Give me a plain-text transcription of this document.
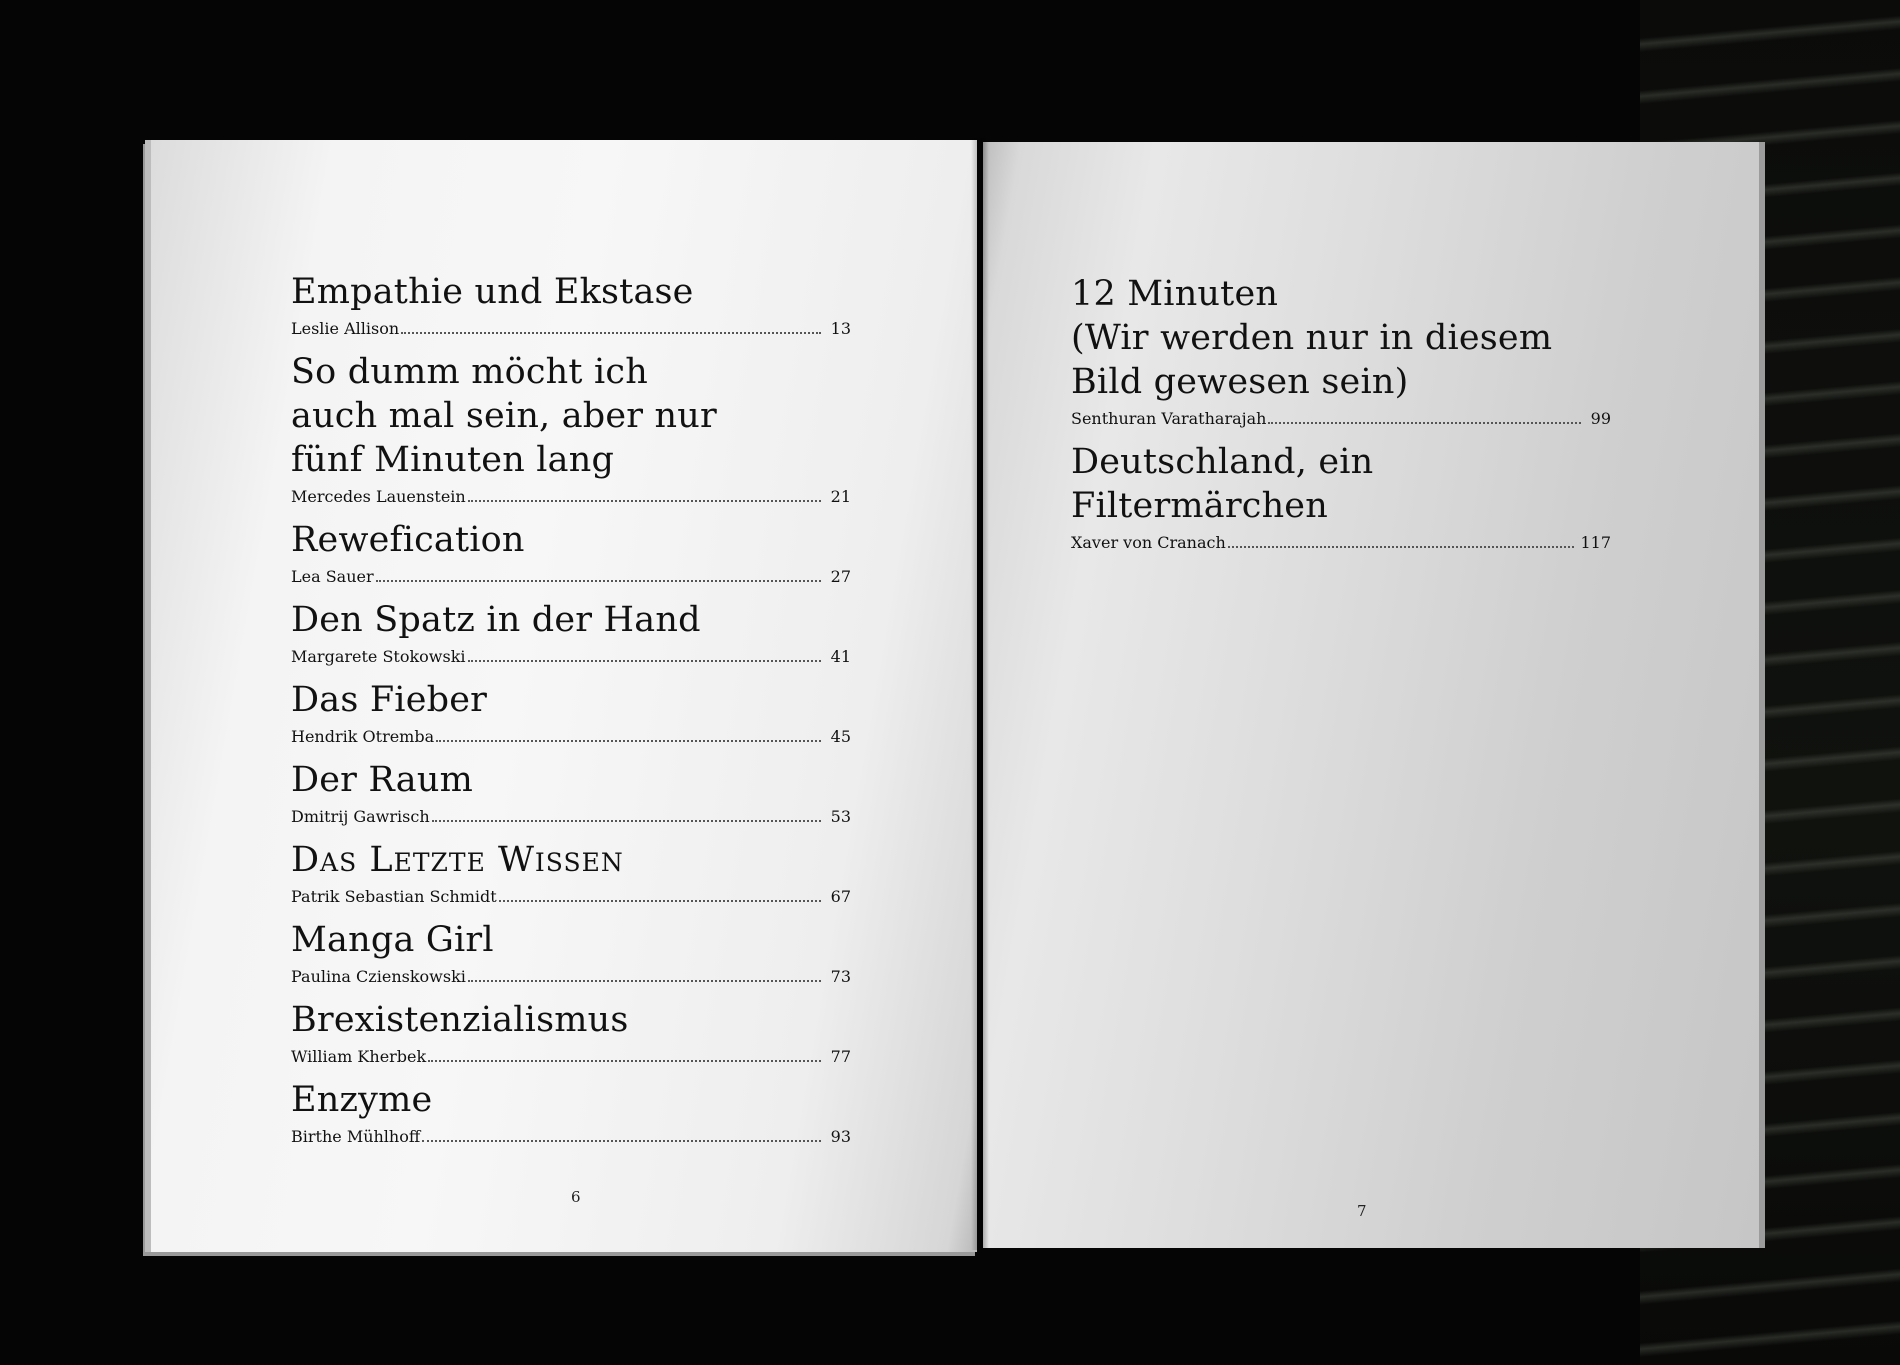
Empathie und Ekstase

Leslie Allison	13

So dumm möcht ich
auch mal sein, aber nur
fünf Minuten lang

Mercedes Lauenstein	21

Rewefication

Lea Sauer	27

Den Spatz in der Hand

Margarete Stokowski	41

Das Fieber

Hendrik Otremba	45

Der Raum

Dmitrij Gawrisch	53

Das Letzte Wissen

Patrik Sebastian Schmidt	67

Manga Girl

Paulina Czienskowski	73

Brexistenzialismus

William Kherbek	77

Enzyme

Birthe Mühlhoff	93
6

12 Minuten
(Wir werden nur in diesem
Bild gewesen sein)

Senthuran Varatharajah	99

Deutschland, ein Filtermärchen

Xaver von Cranach	117
7
